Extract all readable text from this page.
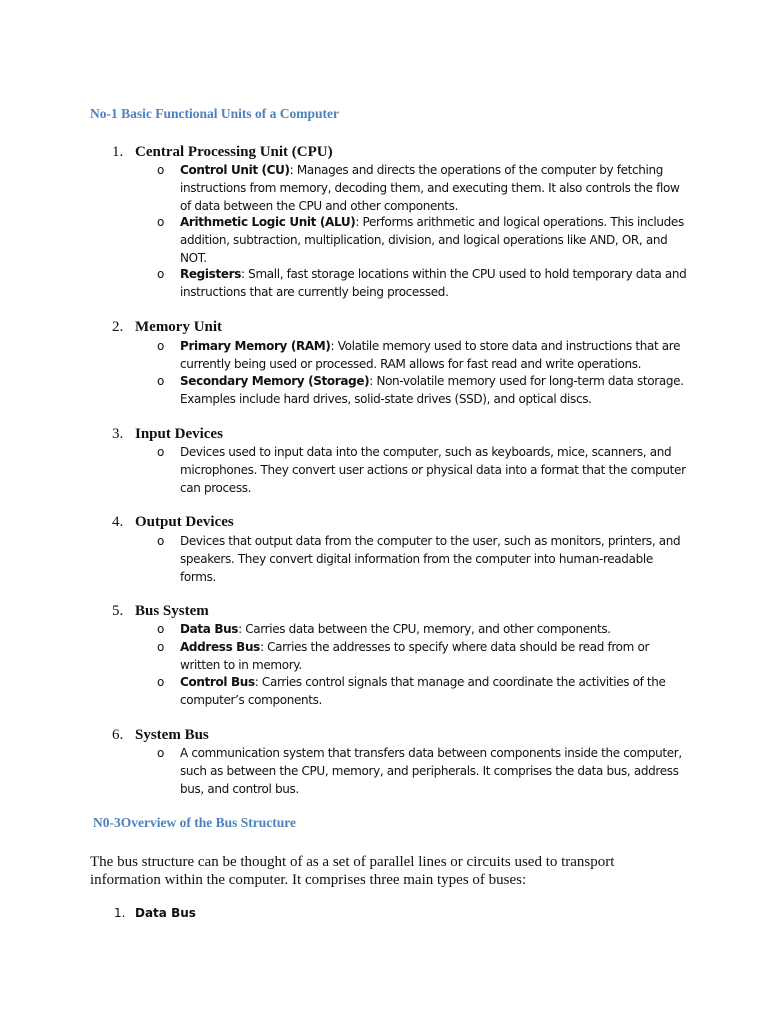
No-1 Basic Functional Units of a Computer
1. Central Processing Unit (CPU)
o	Control Unit (CU): Manages and directs the operations of the computer by fetching instructions from memory, decoding them, and executing them. It also controls the flow of data between the CPU and other components.
o	Arithmetic Logic Unit (ALU): Performs arithmetic and logical operations. This includes addition, subtraction, multiplication, division, and logical operations like AND, OR, and NOT.
o	Registers: Small, fast storage locations within the CPU used to hold temporary data and instructions that are currently being processed.
2. Memory Unit
o	Primary Memory (RAM): Volatile memory used to store data and instructions that are currently being used or processed. RAM allows for fast read and write operations.
o	Secondary Memory (Storage): Non-volatile memory used for long-term data storage. Examples include hard drives, solid-state drives (SSD), and optical discs.
3. Input Devices
o	Devices used to input data into the computer, such as keyboards, mice, scanners, and microphones. They convert user actions or physical data into a format that the computer can process.
4. Output Devices
o	Devices that output data from the computer to the user, such as monitors, printers, and speakers. They convert digital information from the computer into human-readable forms.
5. Bus System
o	Data Bus: Carries data between the CPU, memory, and other components.
o	Address Bus: Carries the addresses to specify where data should be read from or written to in memory.
o	Control Bus: Carries control signals that manage and coordinate the activities of the computer’s components.
6. System Bus
o	A communication system that transfers data between components inside the computer, such as between the CPU, memory, and peripherals. It comprises the data bus, address bus, and control bus.
N0-3Overview of the Bus Structure
The bus structure can be thought of as a set of parallel lines or circuits used to transport information within the computer. It comprises three main types of buses:
1. Data Bus
